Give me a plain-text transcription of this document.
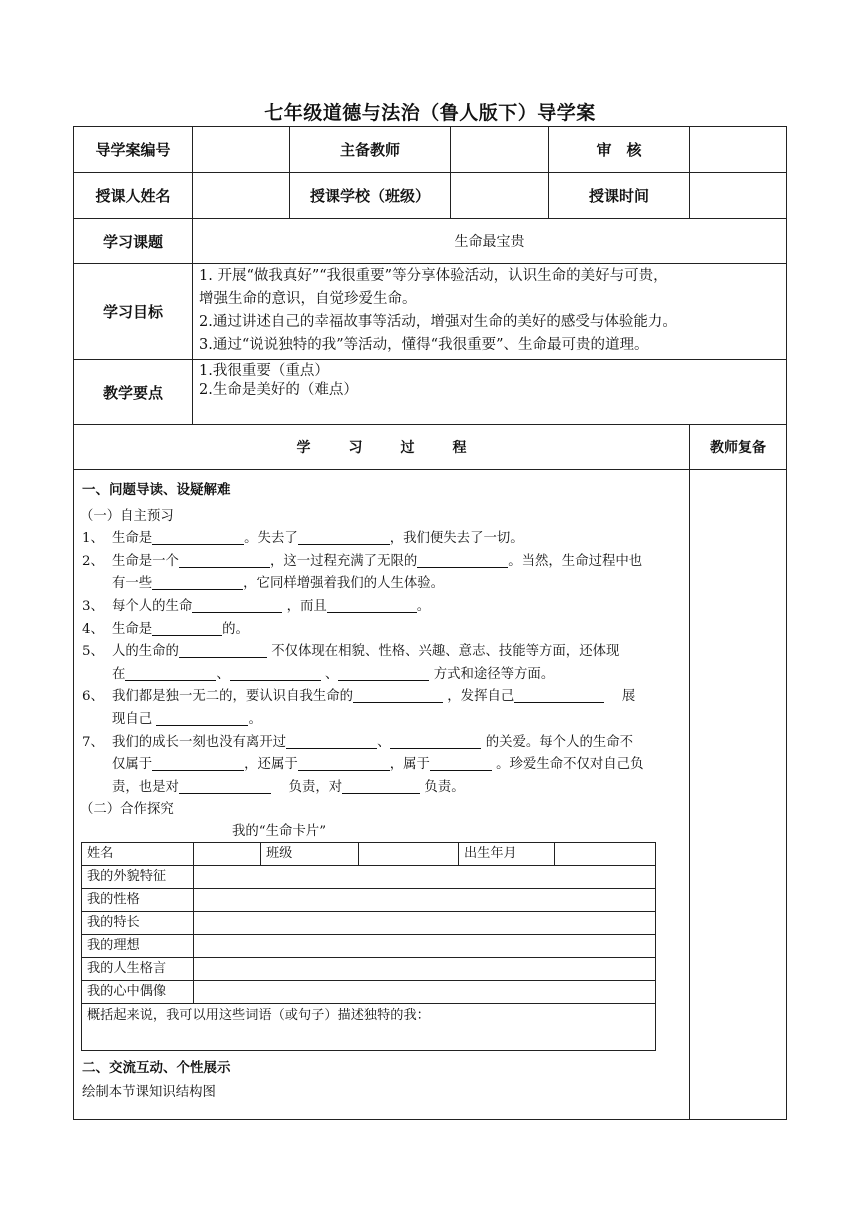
七年级道德与法治（鲁人版下）导学案
导学案编号		主备教师		审　核	
授课人姓名		授课学校（班级）		授课时间	
学习课题	生命最宝贵
学习目标	
1. 开展“做我真好”“我很重要”等分享体验活动，认识生命的美好与可贵，
增强生命的意识，自觉珍爱生命。
2.通过讲述自己的幸福故事等活动，增强对生命的美好的感受与体验能力。
3.通过“说说独特的我”等活动，懂得“我很重要”、生命最可贵的道理。

教学要点	
1.我很重要（重点）
2.生命是美好的（难点）

学	习	过	程	教师复备

一、问题导读、设疑解难
（一）自主预习
1、 生命是	。失去了	，我们便失去了一切。
2、 生命是一个	，这一过程充满了无限的	。当然，生命过程中也
有一些	，它同样增强着我们的人生体验。
3、 每个人的生命	，而且	。
4、 生命是	的。
5、 人的生命的	不仅体现在相貌、性格、兴趣、意志、技能等方面，还体现
在	、	、	方式和途径等方面。
6、 我们都是独一无二的，要认识自我生命的	，发挥自己	　 展
现自己	。
7、 我们的成长一刻也没有离开过	、	的关爱。每个人的生命不
仅属于	，还属于	，属于	。珍爱生命不仅对自己负
责，也是对	　负责，对	负责。
（二）合作探究
我的“生命卡片”
姓名		班级		出生年月	
我的外貌特征	
我的性格	
我的特长	
我的理想	
我的人生格言	
我的心中偶像	
概括起来说，我可以用这些词语（或句子）描述独特的我：
二、交流互动、个性展示
绘制本节课知识结构图
